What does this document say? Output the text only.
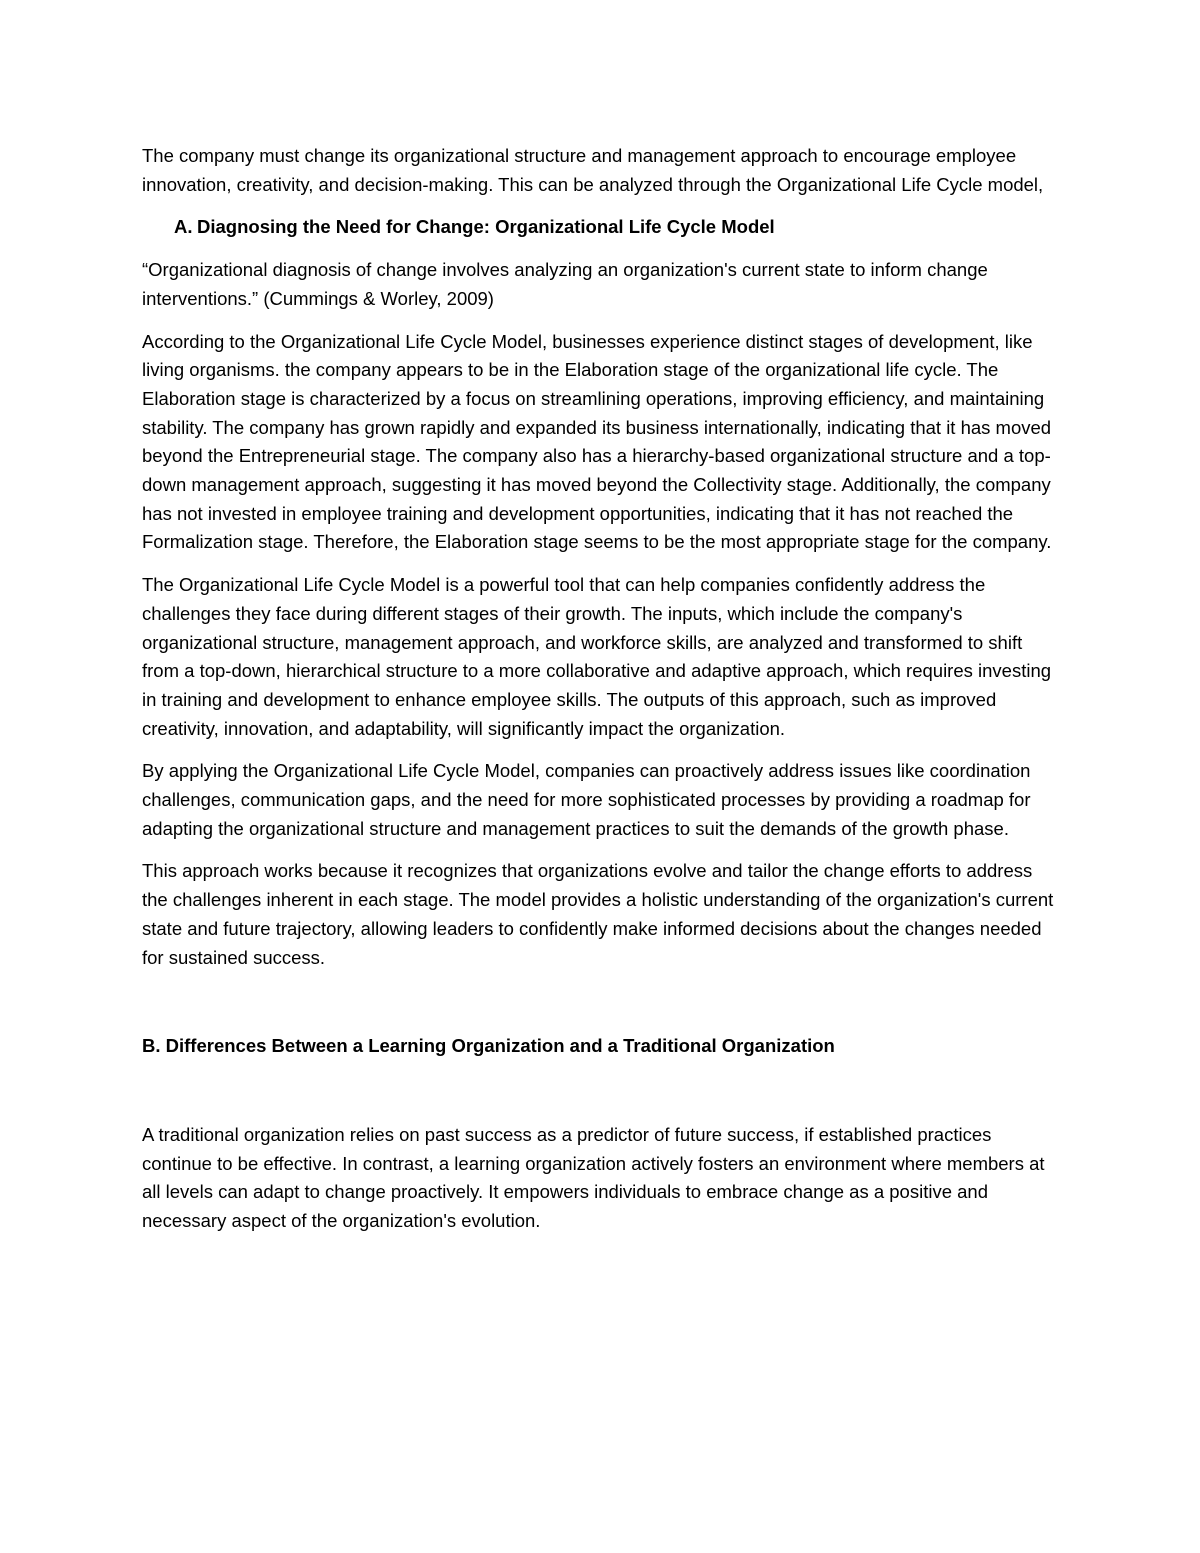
The company must change its organizational structure and management approach to encourage employee innovation, creativity, and decision-making. This can be analyzed through the Organizational Life Cycle model,

A. Diagnosing the Need for Change: Organizational Life Cycle Model

“Organizational diagnosis of change involves analyzing an organization's current state to inform change interventions.” (Cummings & Worley, 2009)

According to the Organizational Life Cycle Model, businesses experience distinct stages of development, like living organisms. the company appears to be in the Elaboration stage of the organizational life cycle. The Elaboration stage is characterized by a focus on streamlining operations, improving efficiency, and maintaining stability. The company has grown rapidly and expanded its business internationally, indicating that it has moved beyond the Entrepreneurial stage. The company also has a hierarchy-based organizational structure and a top-down management approach, suggesting it has moved beyond the Collectivity stage. Additionally, the company has not invested in employee training and development opportunities, indicating that it has not reached the Formalization stage. Therefore, the Elaboration stage seems to be the most appropriate stage for the company.

The Organizational Life Cycle Model is a powerful tool that can help companies confidently address the challenges they face during different stages of their growth. The inputs, which include the company's organizational structure, management approach, and workforce skills, are analyzed and transformed to shift from a top-down, hierarchical structure to a more collaborative and adaptive approach, which requires investing in training and development to enhance employee skills. The outputs of this approach, such as improved creativity, innovation, and adaptability, will significantly impact the organization.

By applying the Organizational Life Cycle Model, companies can proactively address issues like coordination challenges, communication gaps, and the need for more sophisticated processes by providing a roadmap for adapting the organizational structure and management practices to suit the demands of the growth phase.

This approach works because it recognizes that organizations evolve and tailor the change efforts to address the challenges inherent in each stage. The model provides a holistic understanding of the organization's current state and future trajectory, allowing leaders to confidently make informed decisions about the changes needed for sustained success.

B. Differences Between a Learning Organization and a Traditional Organization

A traditional organization relies on past success as a predictor of future success, if established practices continue to be effective. In contrast, a learning organization actively fosters an environment where members at all levels can adapt to change proactively. It empowers individuals to embrace change as a positive and necessary aspect of the organization's evolution.
